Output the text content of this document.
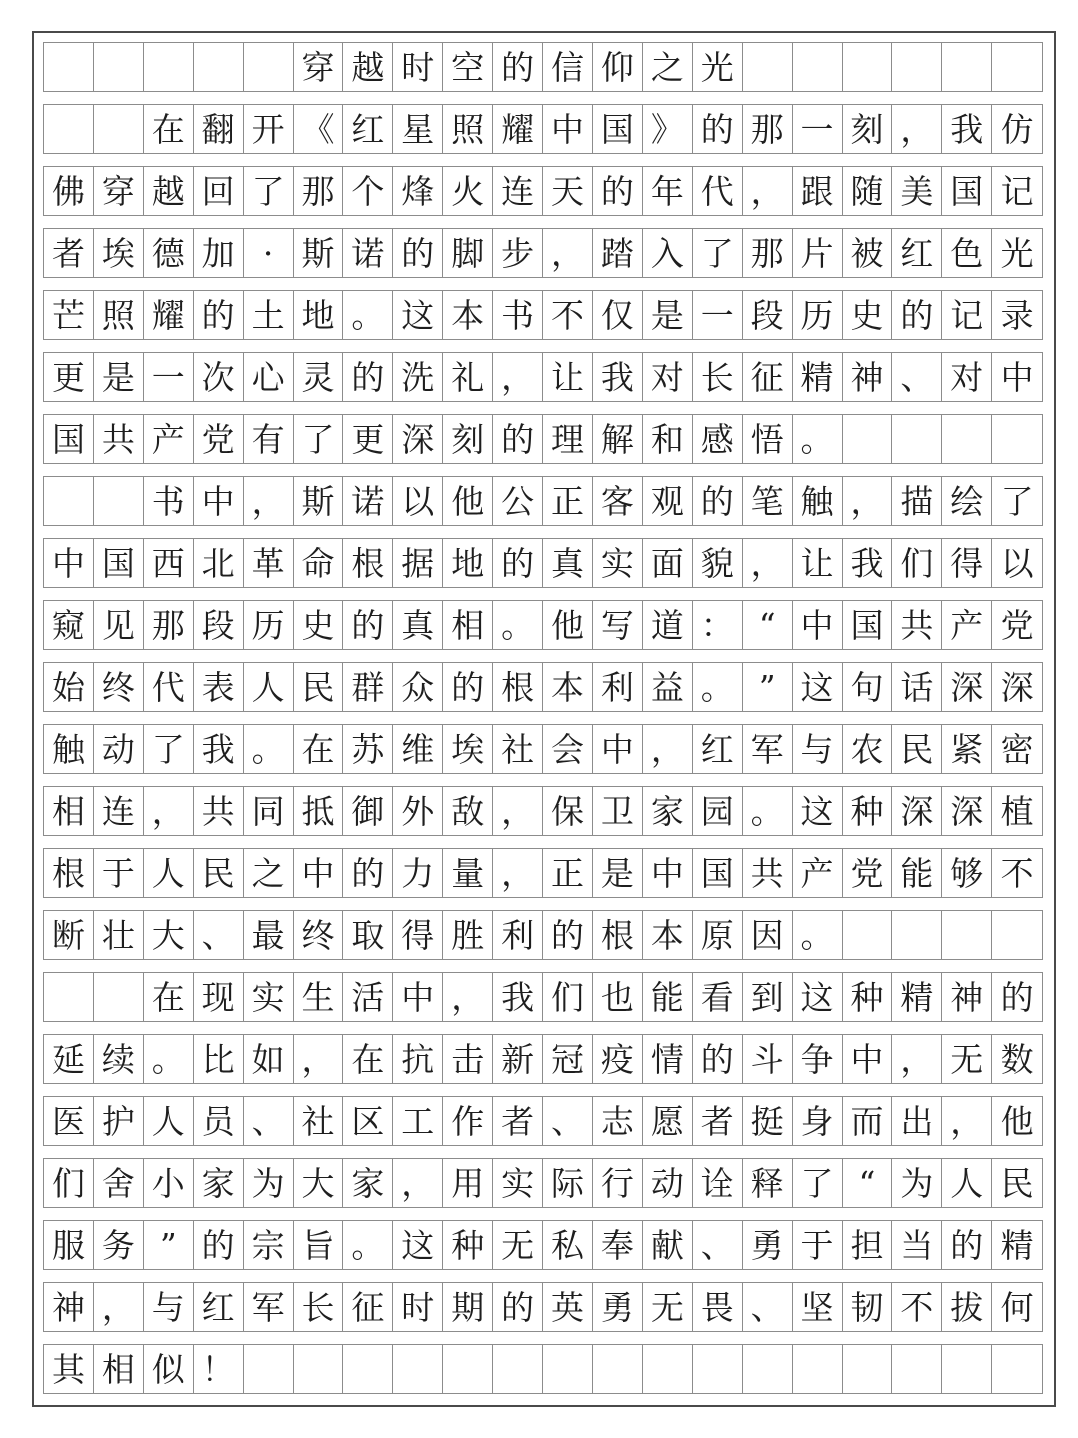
穿 越 时 空 的 信 仰 之 光
在 翻 开 《 红 星 照 耀 中 国 》 的 那 一 刻 ， 我 仿
佛 穿 越 回 了 那 个 烽 火 连 天 的 年 代 ， 跟 随 美 国 记
者 埃 德 加 · 斯 诺 的 脚 步 ， 踏 入 了 那 片 被 红 色 光
芒 照 耀 的 土 地 。 这 本 书 不 仅 是 一 段 历 史 的 记 录
更 是 一 次 心 灵 的 洗 礼 ， 让 我 对 长 征 精 神 、 对 中
国 共 产 党 有 了 更 深 刻 的 理 解 和 感 悟 。
书 中 ， 斯 诺 以 他 公 正 客 观 的 笔 触 ， 描 绘 了
中 国 西 北 革 命 根 据 地 的 真 实 面 貌 ， 让 我 们 得 以
窥 见 那 段 历 史 的 真 相 。 他 写 道 ： “ 中 国 共 产 党
始 终 代 表 人 民 群 众 的 根 本 利 益 。 ” 这 句 话 深 深
触 动 了 我 。 在 苏 维 埃 社 会 中 ， 红 军 与 农 民 紧 密
相 连 ， 共 同 抵 御 外 敌 ， 保 卫 家 园 。 这 种 深 深 植
根 于 人 民 之 中 的 力 量 ， 正 是 中 国 共 产 党 能 够 不
断 壮 大 、 最 终 取 得 胜 利 的 根 本 原 因 。
在 现 实 生 活 中 ， 我 们 也 能 看 到 这 种 精 神 的
延 续 。 比 如 ， 在 抗 击 新 冠 疫 情 的 斗 争 中 ， 无 数
医 护 人 员 、 社 区 工 作 者 、 志 愿 者 挺 身 而 出 ， 他
们 舍 小 家 为 大 家 ， 用 实 际 行 动 诠 释 了 “ 为 人 民
服 务 ” 的 宗 旨 。 这 种 无 私 奉 献 、 勇 于 担 当 的 精
神 ， 与 红 军 长 征 时 期 的 英 勇 无 畏 、 坚 韧 不 拔 何
其 相 似 ！
